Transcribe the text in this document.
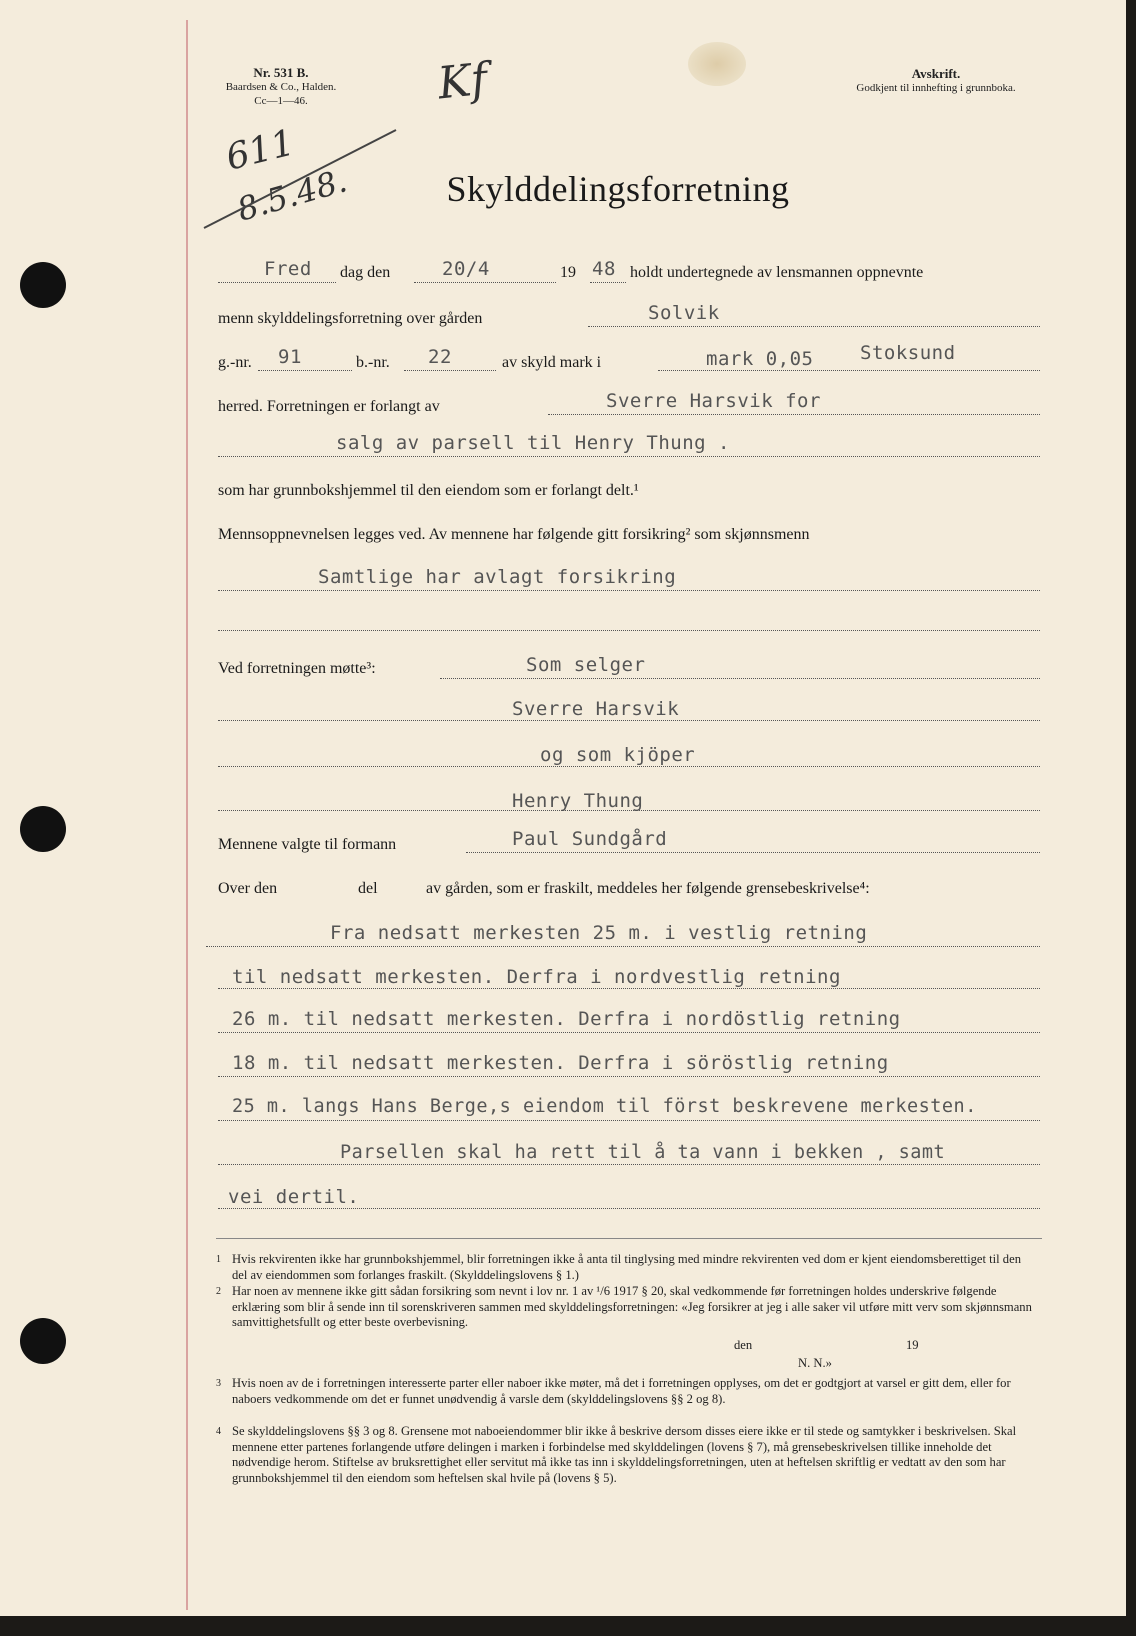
Nr. 531 B.
Baardsen & Co., Halden.
Cc—1—46.
Avskrift.
Godkjent til innhefting i grunnboka.
Kf
611
8.5.48.	Skylddelingsforretning
Fred dag den	20/4	19 48 holdt undertegnede av lensmannen oppnevnte
menn skylddelingsforretning over gården	Solvik
g.-nr. 91	b.-nr. 22	av skyld mark i	mark 0,05 Stoksund
herred. Forretningen er forlangt av	Sverre Harsvik for
salg av parsell til Henry Thung .
som har grunnbokshjemmel til den eiendom som er forlangt delt.¹
Mennsoppnevnelsen legges ved. Av mennene har følgende gitt forsikring² som skjønnsmenn
Samtlige har avlagt forsikring
Ved forretningen møtte³:	Som selger
Sverre Harsvik
og som kjöper
Henry Thung
Mennene valgte til formann	Paul Sundgård
Over den	del	av gården, som er fraskilt, meddeles her følgende grensebeskrivelse⁴:
Fra nedsatt merkesten 25 m. i vestlig retning
til nedsatt merkesten. Derfra i nordvestlig retning
26 m. til nedsatt merkesten. Derfra i nordöstlig retning
18 m. til nedsatt merkesten. Derfra i söröstlig retning
25 m. langs Hans Berge,s eiendom til först beskrevene merkesten.
Parsellen skal ha rett til å ta vann i bekken , samt
vei dertil.
1 Hvis rekvirenten ikke har grunnbokshjemmel, blir forretningen ikke å anta til tinglysing med mindre rekvirenten ved dom er kjent eiendomsberettiget til den del av eiendommen som forlanges fraskilt. (Skylddelingslovens § 1.)
2 Har noen av mennene ikke gitt sådan forsikring som nevnt i lov nr. 1 av ¹/6 1917 § 20, skal vedkommende før forretningen holdes underskrive følgende erklæring som blir å sende inn til sorenskriveren sammen med skylddelingsforretningen: «Jeg forsikrer at jeg i alle saker vil utføre mitt verv som skjønnsmann samvittighetsfullt og etter beste overbevisning.
den	19
N. N.»
3 Hvis noen av de i forretningen interesserte parter eller naboer ikke møter, må det i forretningen opplyses, om det er godtgjort at varsel er gitt dem, eller for naboers vedkommende om det er funnet unødvendig å varsle dem (skylddelingslovens §§ 2 og 8).
4 Se skylddelingslovens §§ 3 og 8. Grensene mot naboeiendommer blir ikke å beskrive dersom disses eiere ikke er til stede og samtykker i beskrivelsen. Skal mennene etter partenes forlangende utføre delingen i marken i forbindelse med skylddelingen (lovens § 7), må grensebeskrivelsen tillike inneholde det nødvendige herom. Stiftelse av bruksrettighet eller servitut må ikke tas inn i skylddelingsforretningen, uten at heftelsen skriftlig er vedtatt av den som har grunnbokshjemmel til den eiendom som heftelsen skal hvile på (lovens § 5).
